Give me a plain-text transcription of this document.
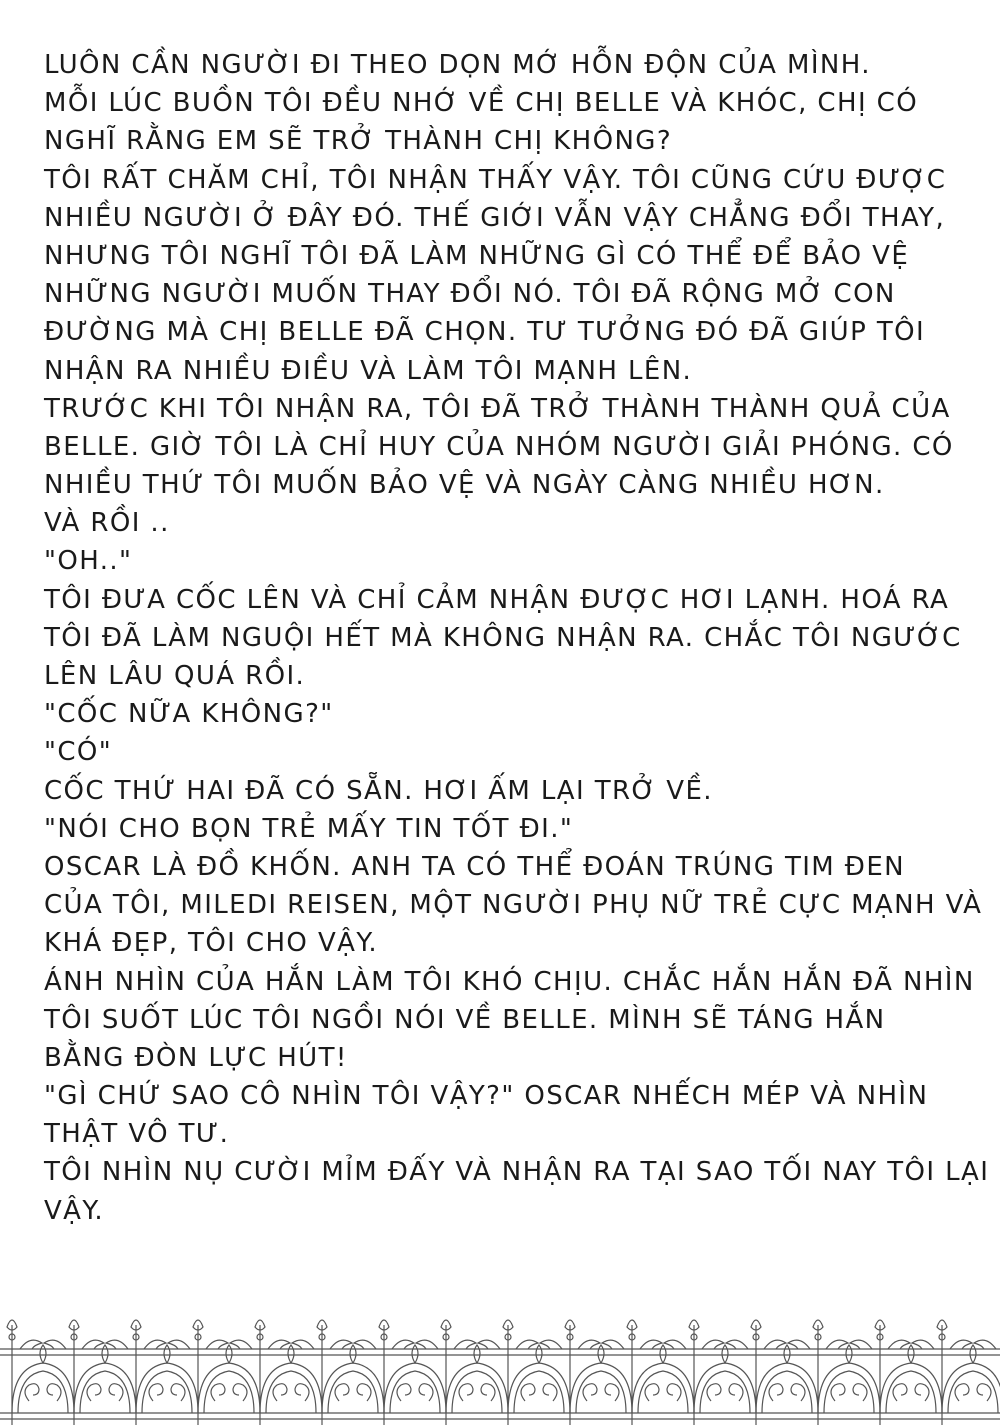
LUÔN CẦN NGƯỜI ĐI THEO DỌN MỚ HỖN ĐỘN CỦA MÌNH.
MỖI LÚC BUỒN TÔI ĐỀU NHỚ VỀ CHỊ BELLE VÀ KHÓC, CHỊ CÓ
NGHĨ RẰNG EM SẼ TRỞ THÀNH CHỊ KHÔNG?
TÔI RẤT CHĂM CHỈ, TÔI NHẬN THẤY VẬY. TÔI CŨNG CỨU ĐƯỢC
NHIỀU NGƯỜI Ở ĐÂY ĐÓ. THẾ GIỚI VẪN VẬY CHẲNG ĐỔI THAY,
NHƯNG TÔI NGHĨ TÔI ĐÃ LÀM NHỮNG GÌ CÓ THỂ ĐỂ BẢO VỆ
NHỮNG NGƯỜI MUỐN THAY ĐỔI NÓ. TÔI ĐÃ RỘNG MỞ CON
ĐƯỜNG MÀ CHỊ BELLE ĐÃ CHỌN. TƯ TƯỞNG ĐÓ ĐÃ GIÚP TÔI
NHẬN RA NHIỀU ĐIỀU VÀ LÀM TÔI MẠNH LÊN.
TRƯỚC KHI TÔI NHẬN RA, TÔI ĐÃ TRỞ THÀNH THÀNH QUẢ CỦA
BELLE. GIỜ TÔI LÀ CHỈ HUY CỦA NHÓM NGƯỜI GIẢI PHÓNG. CÓ
NHIỀU THỨ TÔI MUỐN BẢO VỆ VÀ NGÀY CÀNG NHIỀU HƠN.
VÀ RỒI ..
"OH.."
TÔI ĐƯA CỐC LÊN VÀ CHỈ CẢM NHẬN ĐƯỢC HƠI LẠNH. HOÁ RA
TÔI ĐÃ LÀM NGUỘI HẾT MÀ KHÔNG NHẬN RA. CHẮC TÔI NGƯỚC
LÊN LÂU QUÁ RỒI.
"CỐC NỮA KHÔNG?"
"CÓ"
CỐC THỨ HAI ĐÃ CÓ SẴN. HƠI ẤM LẠI TRỞ VỀ.
"NÓI CHO BỌN TRẺ MẤY TIN TỐT ĐI."
OSCAR LÀ ĐỒ KHỐN. ANH TA CÓ THỂ ĐOÁN TRÚNG TIM ĐEN
CỦA TÔI, MILEDI REISEN, MỘT NGƯỜI PHỤ NỮ TRẺ CỰC MẠNH VÀ
KHÁ ĐẸP, TÔI CHO VẬY.
ÁNH NHÌN CỦA HẮN LÀM TÔI KHÓ CHỊU. CHẮC HẮN HẮN ĐÃ NHÌN
TÔI SUỐT LÚC TÔI NGỒI NÓI VỀ BELLE. MÌNH SẼ TÁNG HẮN
BẰNG ĐÒN LỰC HÚT!
"GÌ CHỨ SAO CÔ NHÌN TÔI VẬY?" OSCAR NHẾCH MÉP VÀ NHÌN
THẬT VÔ TƯ.
TÔI NHÌN NỤ CƯỜI MỈM ĐẤY VÀ NHẬN RA TẠI SAO TỐI NAY TÔI LẠI
VẬY.
